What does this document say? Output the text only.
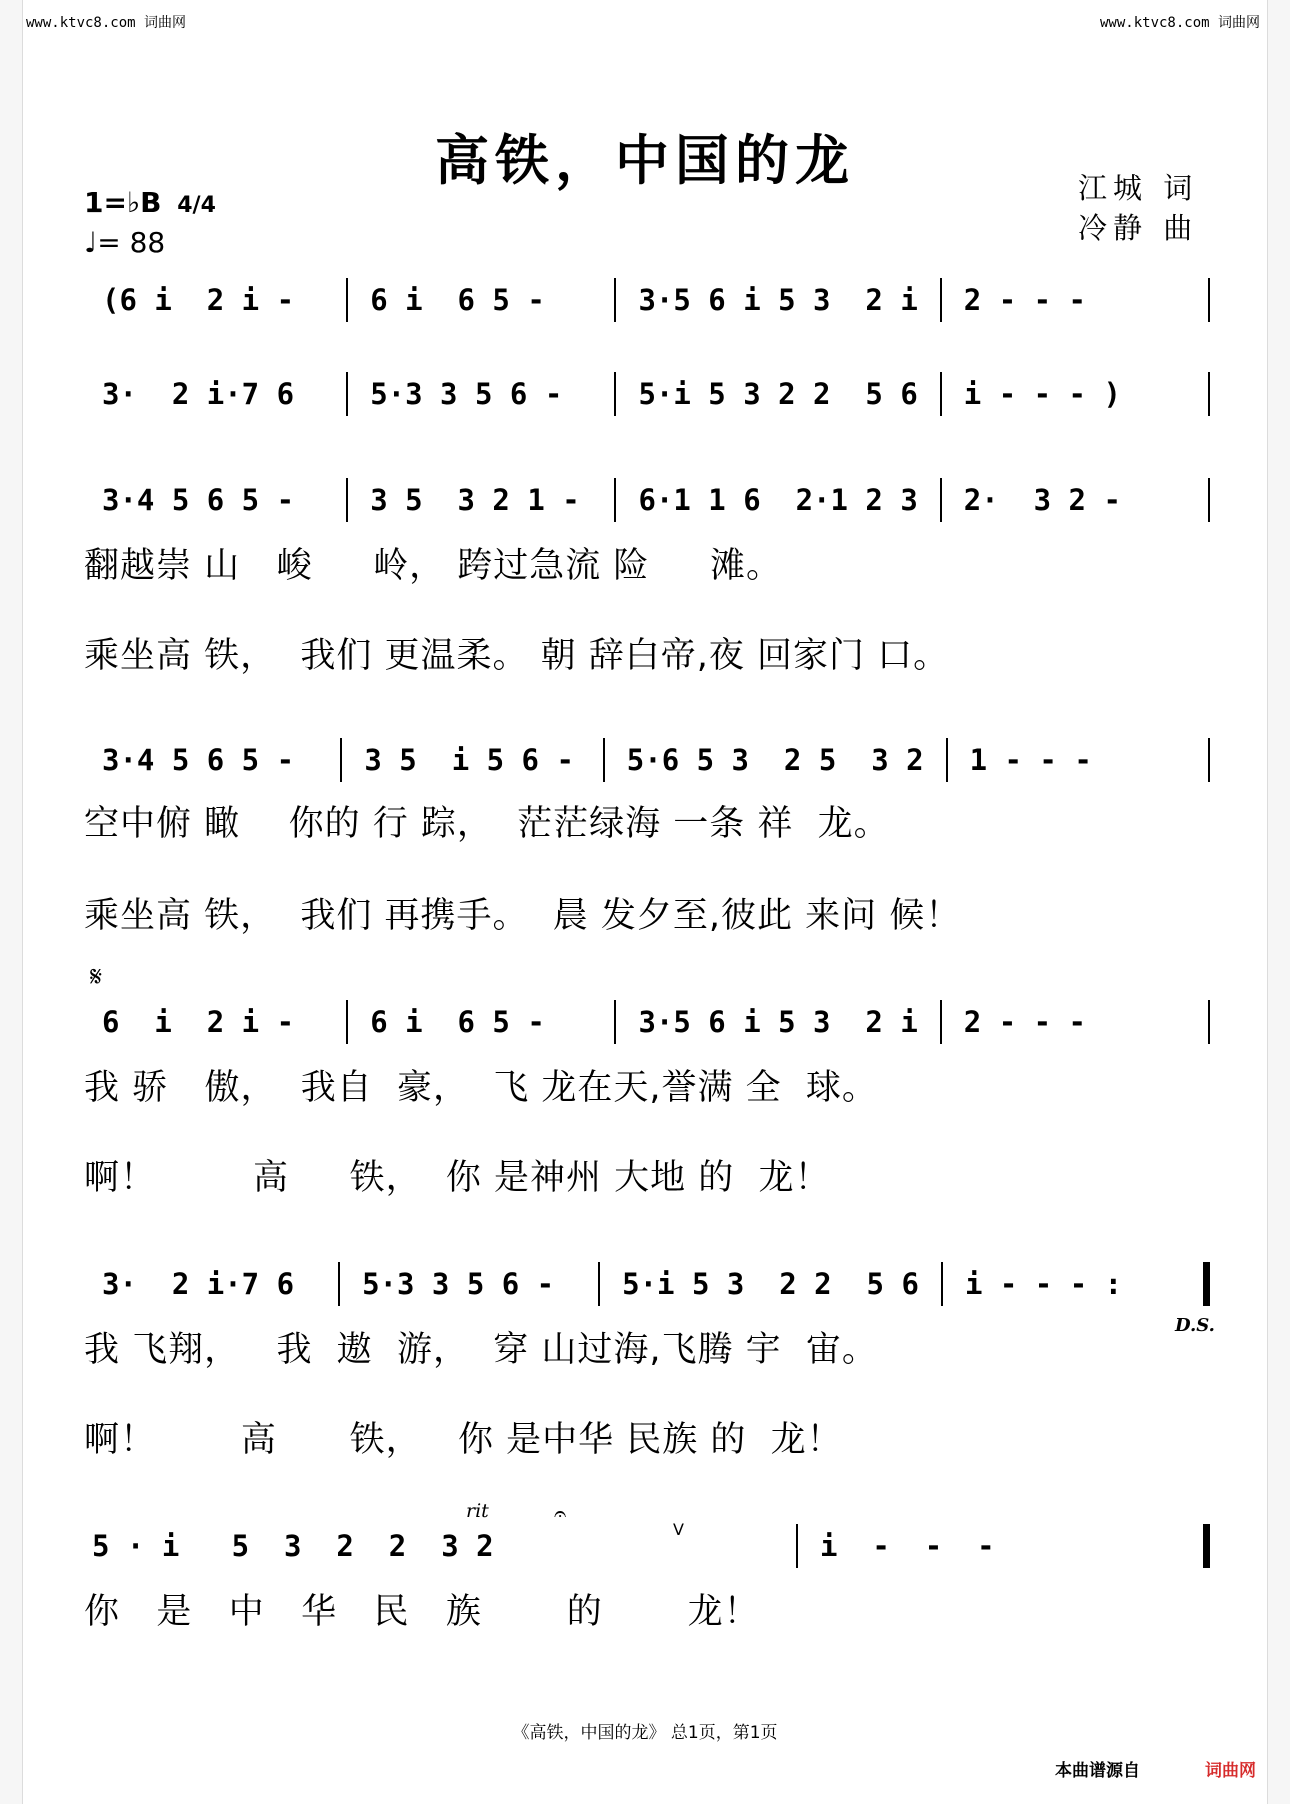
www.ktvc8.com 词曲网	www.ktvc8.com 词曲网
高铁，中国的龙	江城 词
冷静 曲
1=♭B 4/4
♩= 88
(6 i  2 i -	6 i  6 5 -	3·5 6 i 5 3  2 i	2 - - -
3·  2 i·7 6	5·3 3 5 6 -	5·i 5 3 2 2  5 6	i - - - )
3·4 5 6 5 -	3 5  3 2 1 -	6·1 1 6  2·1 2 3	2·  3 2 -
翻越崇 山   峻     岭， 跨过急流 险     滩。
乘坐高 铁，  我们 更温柔。 朝 辞白帝,夜 回家门 口。
3·4 5 6 5 -	3 5  i 5 6 -	5·6 5 3  2 5  3 2	1 - - -
空中俯 瞰    你的 行 踪，  茫茫绿海 一条 祥  龙。
乘坐高 铁，  我们 再携手。  晨 发夕至,彼此 来问 候！
𝄋
6  i  2 i -	6 i  6 5 -	3·5 6 i 5 3  2 i	2 - - -
我 骄   傲，  我自  豪，  飞 龙在天,誉满 全  球。
啊！        高     铁，  你 是神州 大地 的  龙！
3·  2 i·7 6	5·3 3 5 6 -	5·i 5 3  2 2  5 6	i - - - :
D.S.
我 飞翔，   我  遨  游，  穿 山过海,飞腾 宇  宙。
啊！       高      铁，   你 是中华 民族 的  龙！
rit	𝄐
V
5 · i   5  3  2  2  3 2	i  -  -  -
你   是   中   华   民   族       的       龙！
《高铁，中国的龙》 总1页，第1页
本曲谱源自	词曲网
